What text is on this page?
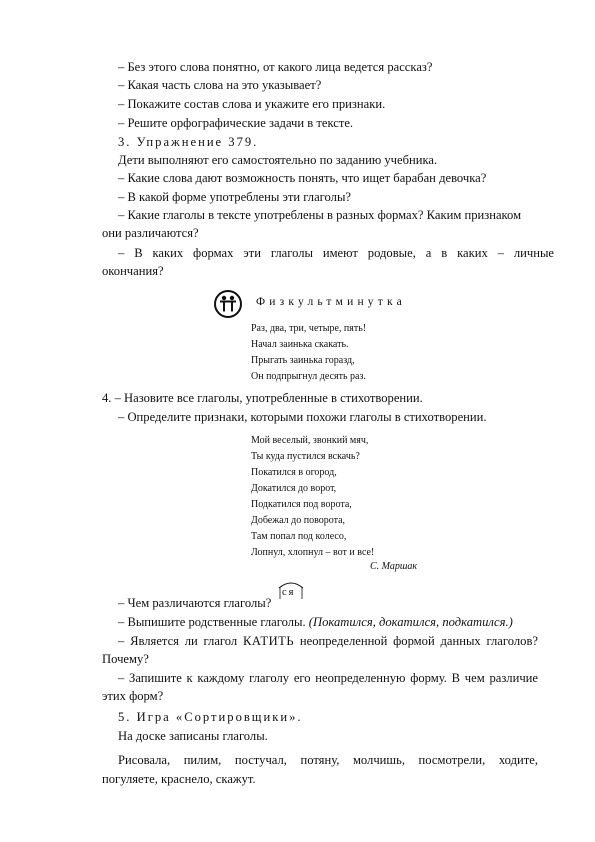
– Без этого слова понятно, от какого лица ведется рассказ?
– Какая часть слова на это указывает?
– Покажите состав слова и укажите его признаки.
– Решите орфографические задачи в тексте.
3. Упражнение 379.
Дети выполняют его самостоятельно по заданию учебника.
– Какие слова дают возможность понять, что ищет барабан девочка?
– В какой форме употреблены эти глаголы?
– Какие глаголы в тексте употреблены в разных формах? Каким признаком
они различаются?
– В каких формах эти глаголы имеют родовые, а в каких – личные
окончания?
Физкультминутка
Раз, два, три, четыре, пять!
Начал заинька скакать.
Прыгать заинька горазд,
Он подпрыгнул десять раз.
4. – Назовите все глаголы, употребленные в стихотворении.
– Определите признаки, которыми похожи глаголы в стихотворении.
Мой веселый, звонкий мяч,
Ты куда пустился вскачь?
Покатился в огород,
Докатился до ворот,
Подкатился под ворота,
Добежал до поворота,
Там попал под колесо,
Лопнул, хлопнул – вот и все!
С. Маршак
– Чем различаются глаголы?
ся
– Выпишите родственные глаголы. (Покатился, докатился, подкатился.)
– Является ли глагол КАТИТЬ неопределенной формой данных глаголов?
Почему?
– Запишите к каждому глаголу его неопределенную форму. В чем различие
этих форм?
5. Игра «Сортировщики».
На доске записаны глаголы.
Рисовала, пилим, постучал, потяну, молчишь, посмотрели, ходите,
погуляете, краснело, скажут.
